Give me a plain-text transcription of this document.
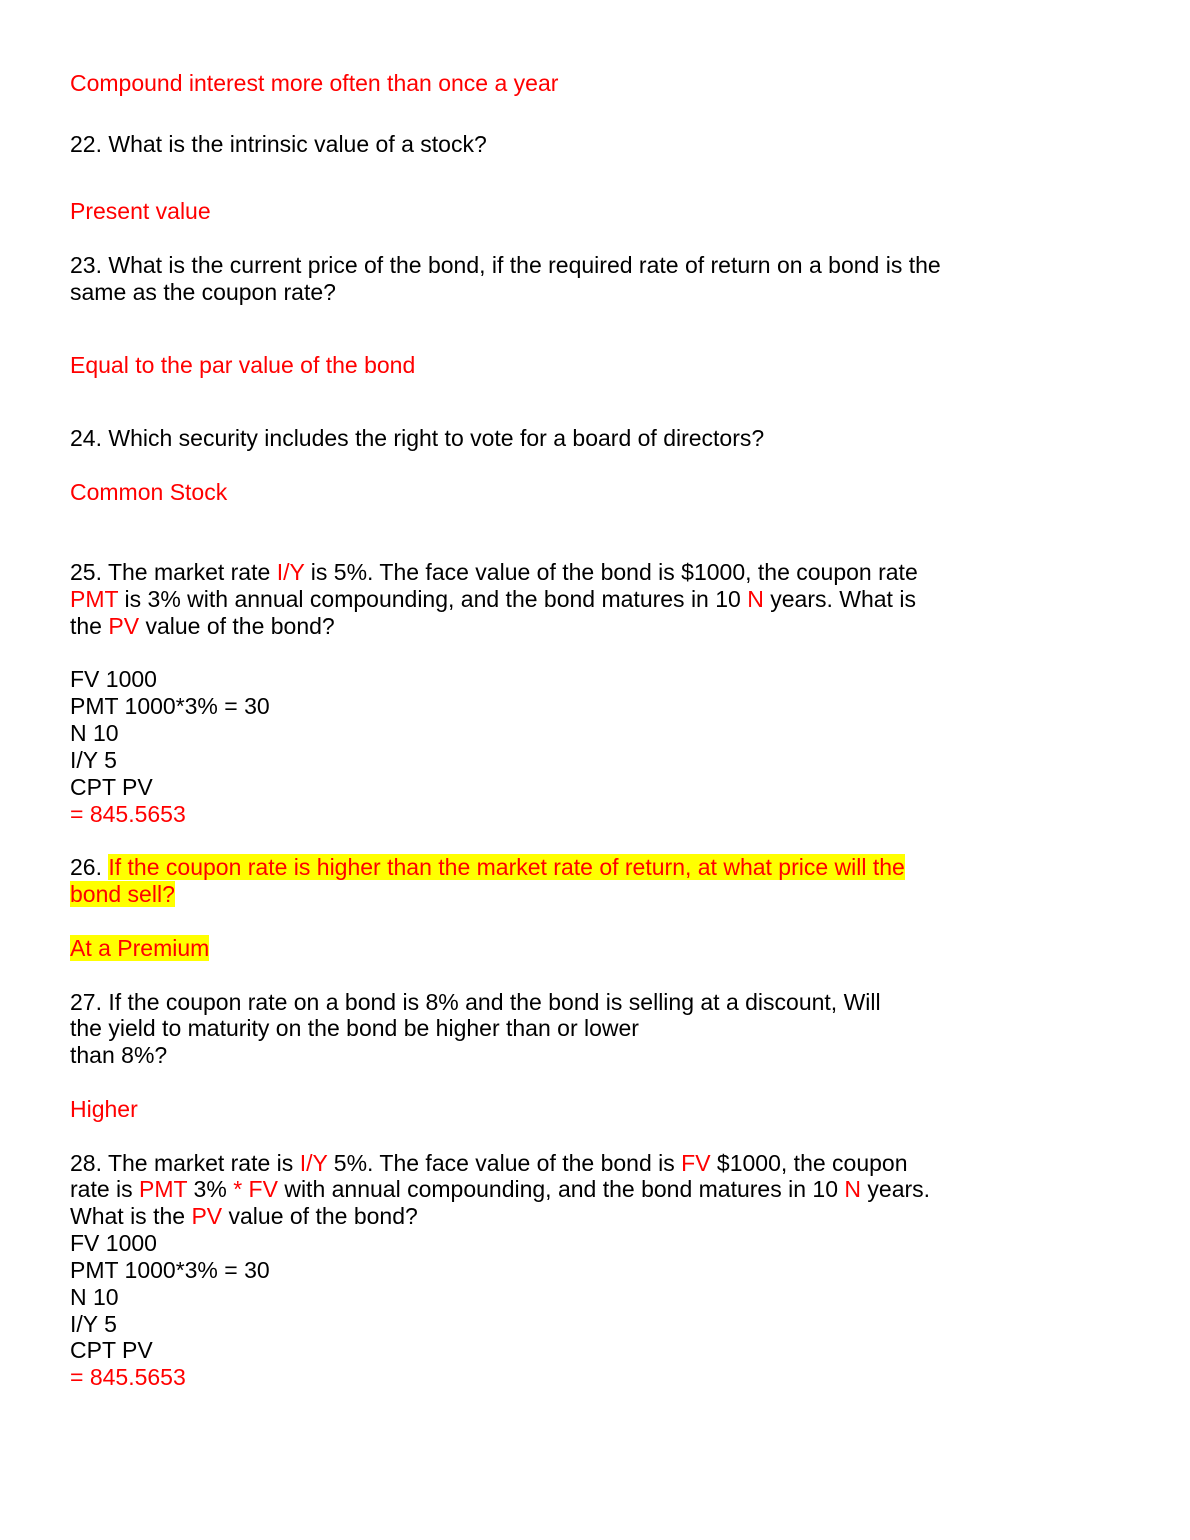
Compound interest more often than once a year
22. What is the intrinsic value of a stock?
Present value
23. What is the current price of the bond, if the required rate of return on a bond is the
same as the coupon rate?
Equal to the par value of the bond
24. Which security includes the right to vote for a board of directors?
Common Stock
25. The market rate I/Y is 5%. The face value of the bond is $1000, the coupon rate
PMT is 3% with annual compounding, and the bond matures in 10 N years. What is
the PV value of the bond?
FV 1000
PMT 1000*3% = 30
N 10
I/Y 5
CPT PV
= 845.5653
26. If the coupon rate is higher than the market rate of return, at what price will the
bond sell?
At a Premium
27. If the coupon rate on a bond is 8% and the bond is selling at a discount, Will
the yield to maturity on the bond be higher than or lower
than 8%?
Higher
28. The market rate is I/Y 5%. The face value of the bond is FV $1000, the coupon
rate is PMT 3% * FV with annual compounding, and the bond matures in 10 N years.
What is the PV value of the bond?
FV 1000
PMT 1000*3% = 30
N 10
I/Y 5
CPT PV
= 845.5653
